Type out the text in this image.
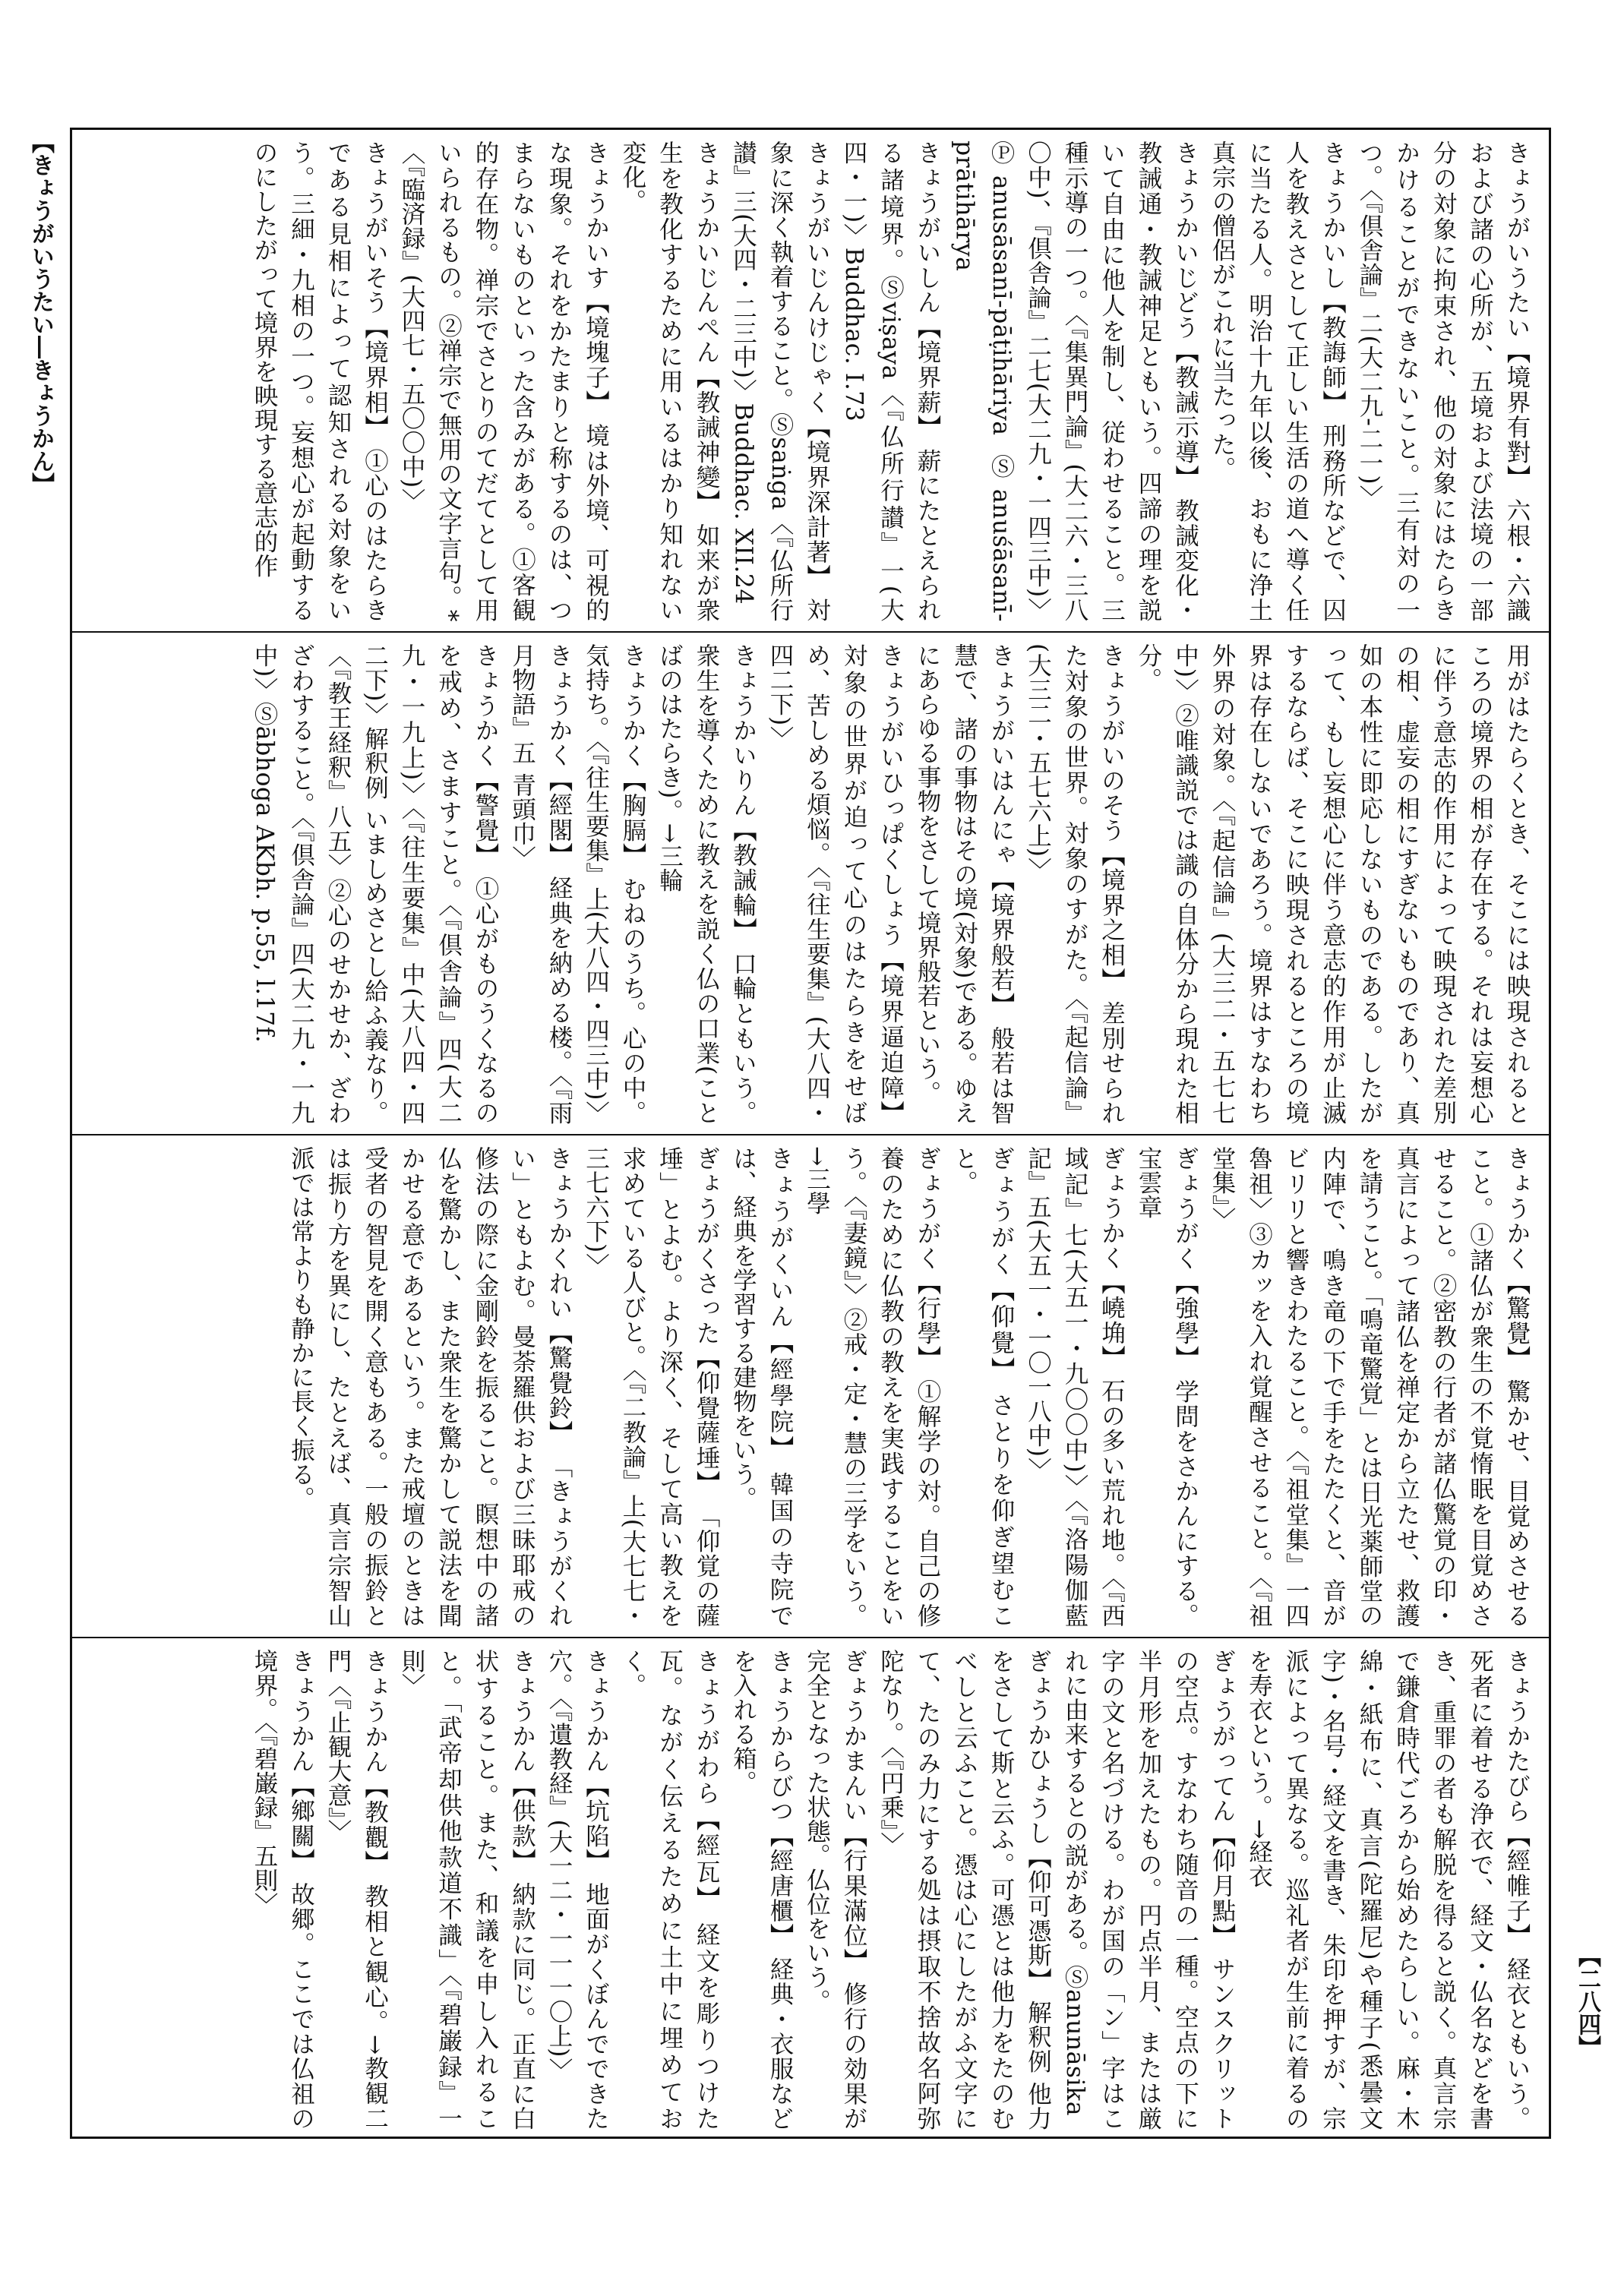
【きょうがいうたい―きょうかん】
【二八四】

きょうがいうたい【境界有對】 六根・六識および諸の心所が、五境および法境の一部分の対象に拘束され、他の対象にはたらきかけることができないこと。三有対の一つ。〈『倶舎論』二(大二九-二一)〉

きょうかいし【教誨師】 刑務所などで、囚人を教えさとして正しい生活の道へ導く任に当たる人。明治十九年以後、おもに浄土真宗の僧侶がこれに当たった。

きょうかいじどう【教誡示導】 教誡変化・教誡通・教誡神足ともいう。四諦の理を説いて自由に他人を制し、従わせること。三種示導の一つ。〈『集異門論』(大二六・三八〇中)、『倶舎論』二七(大二九・一四三中)〉Ⓟanusāsanī-pāṭihāriya Ⓢanuśāsanī-prātihārya

きょうがいしん【境界薪】 薪にたとえられる諸境界。Ⓢviṣaya〈『仏所行讃』一(大四・一)〉Buddhac. I.73

きょうがいじんけじゃく【境界深計著】 対象に深く執着すること。Ⓢsaṅga〈『仏所行讃』三(大四・二三中)〉Buddhac. XII.24

きょうかいじんぺん【教誡神變】 如来が衆生を教化するために用いるはかり知れない変化。

きょうかいす【境塊子】 境は外境、可視的な現象。それをかたまりと称するのは、つまらないものといった含みがある。①客観的存在物。禅宗でさとりのてだてとして用いられるもの。②禅宗で無用の文字言句。*〈『臨済録』(大四七・五〇〇中)〉

きょうがいそう【境界相】 ①心のはたらきである見相によって認知される対象をいう。三細・九相の一つ。妄想心が起動するのにしたがって境界を映現する意志的作

用がはたらくとき、そこには映現されるところの境界の相が存在する。それは妄想心に伴う意志的作用によって映現された差別の相、虚妄の相にすぎないものであり、真如の本性に即応しないものである。したがって、もし妄想心に伴う意志的作用が止滅するならば、そこに映現されるところの境界は存在しないであろう。境界はすなわち外界の対象。〈『起信論』(大三二・五七七中)〉②唯識説では識の自体分から現れた相分。

きょうがいのそう【境界之相】 差別せられた対象の世界。対象のすがた。〈『起信論』(大三二・五七六上)〉

きょうがいはんにゃ【境界般若】 般若は智慧で、諸の事物はその境(対象)である。ゆえにあらゆる事物をさして境界般若という。

きょうがいひっぱくしょう【境界逼迫障】 対象の世界が迫って心のはたらきをせばめ、苦しめる煩悩。〈『往生要集』(大八四・四二下)〉

きょうかいりん【教誡輪】 口輪ともいう。衆生を導くために教えを説く仏の口業(ことばのはたらき)。→三輪

きょうかく【胸膈】 むねのうち。心の中。気持ち。〈『往生要集』上(大八四・四三中)〉

きょうかく【經閣】 経典を納める楼。〈『雨月物語』五 青頭巾〉

きょうかく【警覺】 ①心がものうくなるのを戒め、さますこと。〈『倶舎論』四(大二九・一九上)〉〈『往生要集』中(大八四・四二下)〉解釈例 いましめさとし給ふ義なり。〈『教王経釈』八五〉②心のせかせか、ざわざわすること。〈『倶舎論』四(大二九・一九中)〉Ⓢābhoga AKbh. p.55, l.17f.

きょうかく【驚覺】 驚かせ、目覚めさせること。①諸仏が衆生の不覚惰眠を目覚めさせること。②密教の行者が諸仏驚覚の印・真言によって諸仏を禅定から立たせ、救護を請うこと。「鳴竜驚覚」とは日光薬師堂の内陣で、鳴き竜の下で手をたたくと、音がビリリと響きわたること。〈『祖堂集』一四 魯祖〉③カッを入れ覚醒させること。〈『祖堂集』〉

ぎょうがく【強學】 学問をさかんにする。宝雲章

ぎょうかく【嶢埆】 石の多い荒れ地。〈『西域記』七(大五一・九〇〇中)〉〈『洛陽伽藍記』五(大五一・一〇一八中)〉

ぎょうがく【仰覺】 さとりを仰ぎ望むこと。

ぎょうがく【行學】 ①解学の対。自己の修養のために仏教の教えを実践することをいう。〈『妻鏡』〉②戒・定・慧の三学をいう。→三學

きょうがくいん【經學院】 韓国の寺院では、経典を学習する建物をいう。

ぎょうがくさった【仰覺薩埵】 「仰覚の薩埵」とよむ。より深く、そして高い教えを求めている人びと。〈『二教論』上(大七七・三七六下)〉

きょうかくれい【驚覺鈴】 「きょうがくれい」ともよむ。曼荼羅供および三昧耶戒の修法の際に金剛鈴を振ること。瞑想中の諸仏を驚かし、また衆生を驚かして説法を聞かせる意であるという。また戒壇のときは受者の智見を開く意もある。一般の振鈴とは振り方を異にし、たとえば、真言宗智山派では常よりも静かに長く振る。

きょうかたびら【經帷子】 経衣ともいう。死者に着せる浄衣で、経文・仏名などを書き、重罪の者も解脱を得ると説く。真言宗で鎌倉時代ごろから始めたらしい。麻・木綿・紙布に、真言(陀羅尼)や種子(悉曇文字)・名号・経文を書き、朱印を押すが、宗派によって異なる。巡礼者が生前に着るのを寿衣という。→経衣

ぎょうがってん【仰月點】 サンスクリットの空点。すなわち随音の一種。空点の下に半月形を加えたもの。円点半月、または厳字の文と名づける。わが国の「ン」字はこれに由来するとの説がある。Ⓢanunāsika

ぎょうかひょうし【仰可憑斯】 解釈例 他力をさして斯と云ふ。可憑とは他力をたのむべしと云ふこと。憑は心にしたがふ文字にて、たのみ力にする処は摂取不捨故名阿弥陀なり。〈『円乗』〉

ぎょうかまんい【行果滿位】 修行の効果が完全となった状態。仏位をいう。

きょうからびつ【經唐櫃】 経典・衣服などを入れる箱。

きょうがわら【經瓦】 経文を彫りつけた瓦。ながく伝えるために土中に埋めておく。

きょうかん【坑陷】 地面がくぼんでできた穴。〈『遺教経』(大一二・一一一〇上)〉

きょうかん【供款】 納款に同じ。正直に白状すること。また、和議を申し入れること。「武帝却供他款道不識」〈『碧巌録』一則〉

きょうかん【教觀】 教相と観心。→教観二門〈『止観大意』〉

きょうかん【鄉關】 故郷。ここでは仏祖の境界。〈『碧巌録』五則〉
